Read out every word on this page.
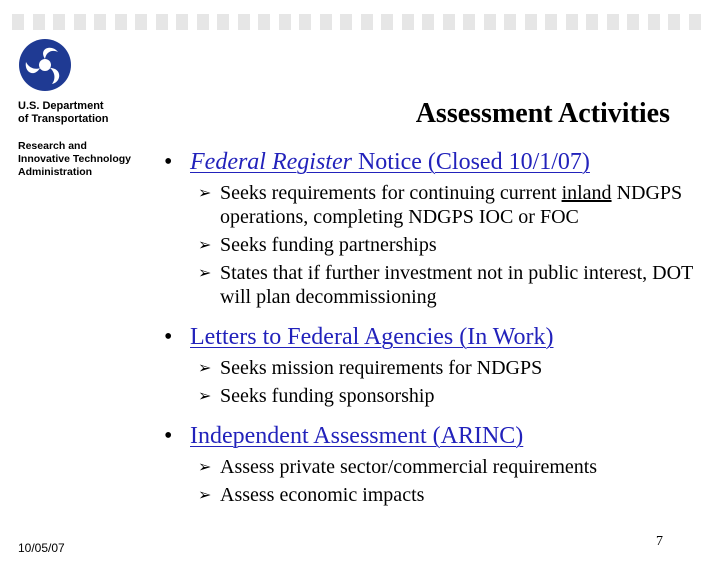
U.S. Department
of Transportation
Research and
Innovative Technology
Administration
Assessment Activities
• Federal Register Notice (Closed 10/1/07)
➢ Seeks requirements for continuing current inland NDGPS operations, completing NDGPS IOC or FOC
➢ Seeks funding partnerships
➢ States that if further investment not in public interest, DOT will plan decommissioning
• Letters to Federal Agencies (In Work)
➢ Seeks mission requirements for NDGPS
➢ Seeks funding sponsorship
• Independent Assessment (ARINC)
➢ Assess private sector/commercial requirements
➢ Assess economic impacts
10/05/07	7
